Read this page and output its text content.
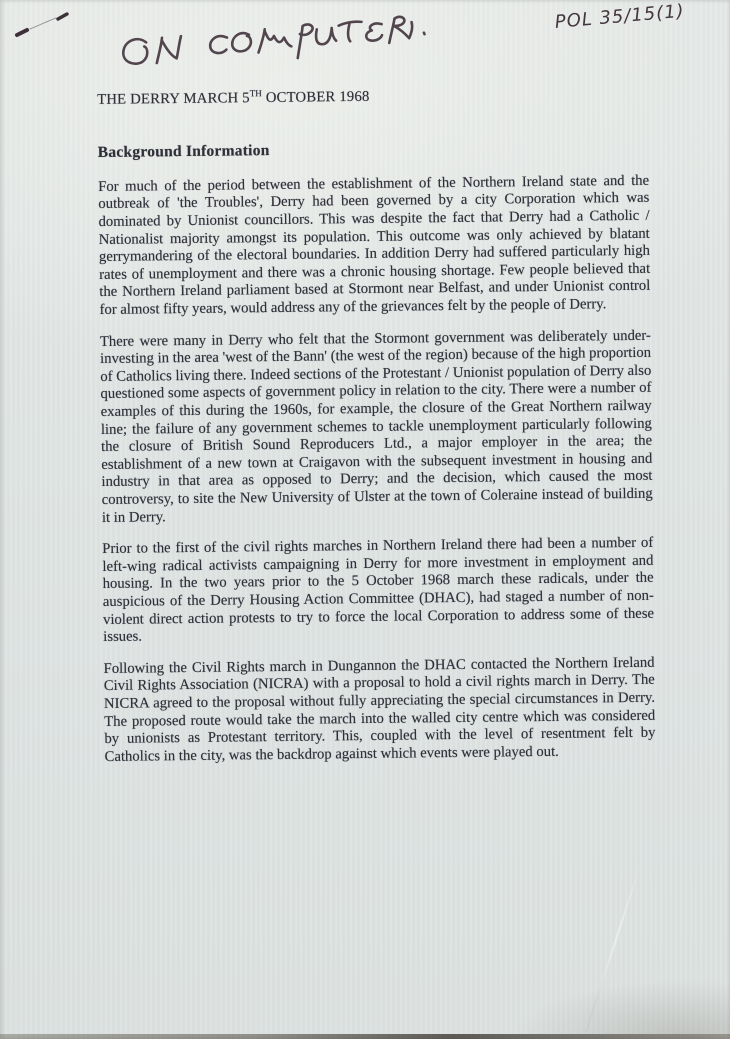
POL 35/15(1)
THE DERRY MARCH 5TH OCTOBER 1968
Background Information

For much of the period between the establishment of the Northern Ireland state and the outbreak of 'the Troubles', Derry had been governed by a city Corporation which was dominated by Unionist councillors. This was despite the fact that Derry had a Catholic / Nationalist majority amongst its population. This outcome was only achieved by blatant gerrymandering of the electoral boundaries. In addition Derry had suffered particularly high rates of unemployment and there was a chronic housing shortage. Few people believed that the Northern Ireland parliament based at Stormont near Belfast, and under Unionist control for almost fifty years, would address any of the grievances felt by the people of Derry.

There were many in Derry who felt that the Stormont government was deliberately under-investing in the area 'west of the Bann' (the west of the region) because of the high proportion of Catholics living there. Indeed sections of the Protestant / Unionist population of Derry also questioned some aspects of government policy in relation to the city. There were a number of examples of this during the 1960s, for example, the closure of the Great Northern railway line; the failure of any government schemes to tackle unemployment particularly following the closure of British Sound Reproducers Ltd., a major employer in the area; the establishment of a new town at Craigavon with the subsequent investment in housing and industry in that area as opposed to Derry; and the decision, which caused the most controversy, to site the New University of Ulster at the town of Coleraine instead of building it in Derry.

Prior to the first of the civil rights marches in Northern Ireland there had been a number of left-wing radical activists campaigning in Derry for more investment in employment and housing. In the two years prior to the 5 October 1968 march these radicals, under the auspicious of the Derry Housing Action Committee (DHAC), had staged a number of non-violent direct action protests to try to force the local Corporation to address some of these issues.

Following the Civil Rights march in Dungannon the DHAC contacted the Northern Ireland Civil Rights Association (NICRA) with a proposal to hold a civil rights march in Derry. The NICRA agreed to the proposal without fully appreciating the special circumstances in Derry. The proposed route would take the march into the walled city centre which was considered by unionists as Protestant territory. This, coupled with the level of resentment felt by Catholics in the city, was the backdrop against which events were played out.
